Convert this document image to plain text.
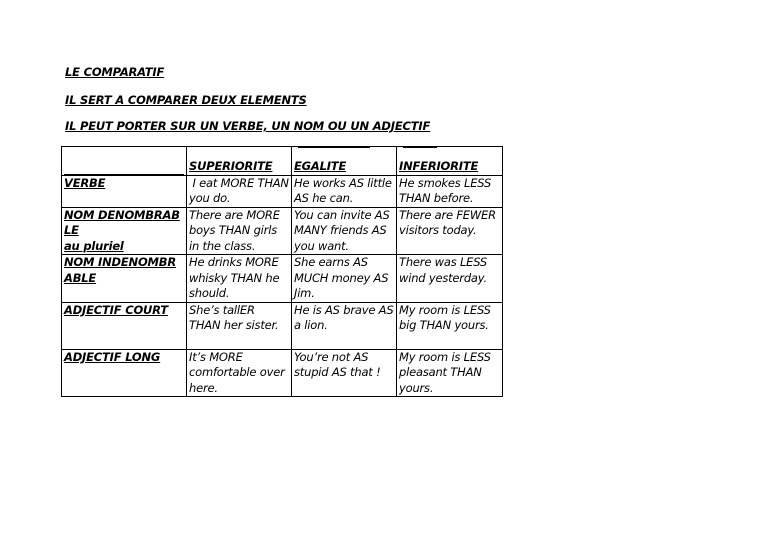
LE COMPARATIF
IL SERT A COMPARER DEUX ELEMENTS
IL PEUT PORTER SUR UN VERBE, UN NOM OU UN ADJECTIF

	SUPERIORITE	EGALITE	INFERIORITE

VERBE	I eat MORE THAN you do.	He works AS little AS he can.	He smokes LESS THAN before.

NOM DENOMBRABLE
au pluriel	There are MORE boys THAN girls in the class.	You can invite AS MANY friends AS you want.	There are FEWER visitors today.
NOM INDENOMBRABLE	He drinks MORE whisky THAN he should.	She earns AS MUCH money AS Jim.	There was LESS wind yesterday.
ADJECTIF COURT	She’s tallER THAN her sister.	He is AS brave AS a lion.	My room is LESS big THAN yours.
ADJECTIF LONG	It’s MORE comfortable over here.	You’re not AS stupid AS that !	My room is LESS pleasant THAN yours.
